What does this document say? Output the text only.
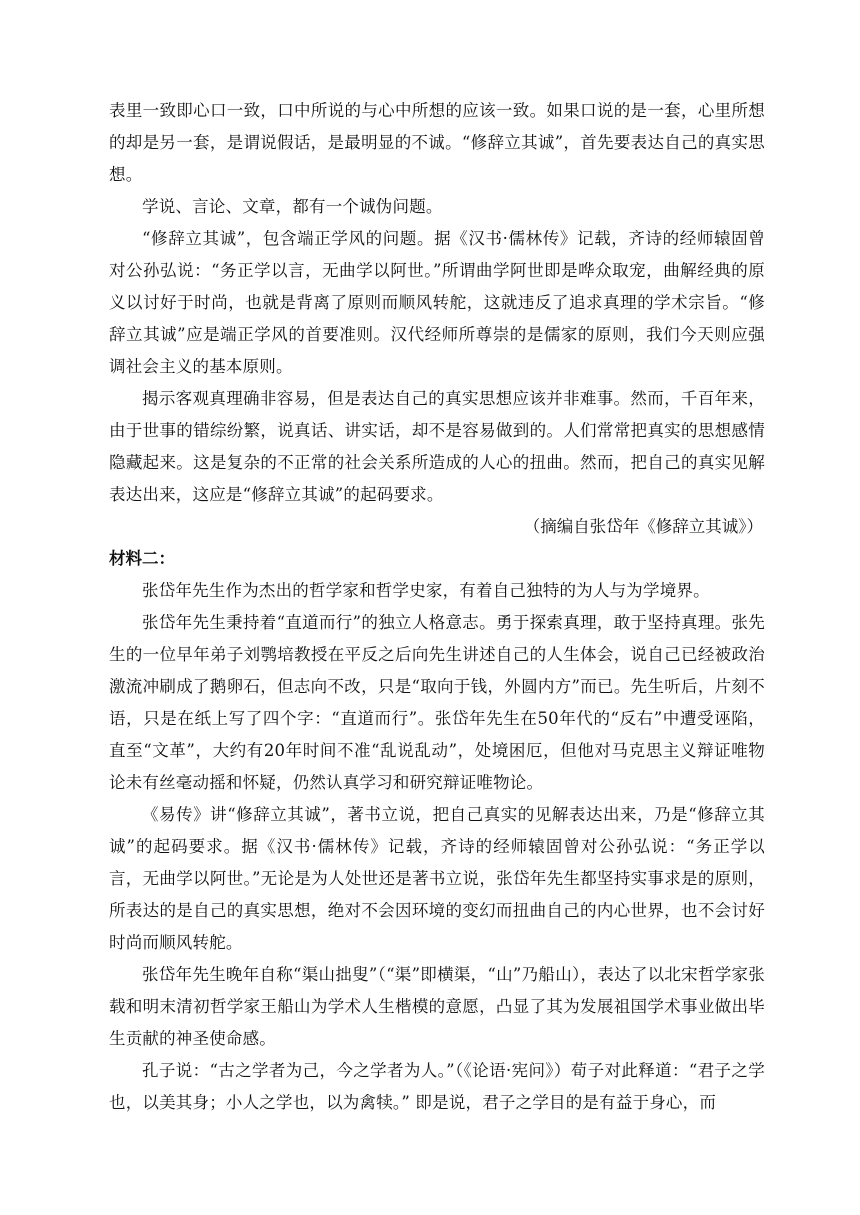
表里一致即心口一致，口中所说的与心中所想的应该一致。如果口说的是一套，心里所想的却是另一套，是谓说假话，是最明显的不诚。“修辞立其诚”，首先要表达自己的真实思想。

学说、言论、文章，都有一个诚伪问题。

“修辞立其诚”，包含端正学风的问题。据《汉书·儒林传》记载，齐诗的经师辕固曾对公孙弘说：“务正学以言，无曲学以阿世。”所谓曲学阿世即是哗众取宠，曲解经典的原义以讨好于时尚，也就是背离了原则而顺风转舵，这就违反了追求真理的学术宗旨。“修辞立其诚”应是端正学风的首要准则。汉代经师所尊崇的是儒家的原则，我们今天则应强调社会主义的基本原则。

揭示客观真理确非容易，但是表达自己的真实思想应该并非难事。然而，千百年来，由于世事的错综纷繁，说真话、讲实话，却不是容易做到的。人们常常把真实的思想感情隐藏起来。这是复杂的不正常的社会关系所造成的人心的扭曲。然而，把自己的真实见解表达出来，这应是“修辞立其诚”的起码要求。

（摘编自张岱年《修辞立其诚》）

材料二：

张岱年先生作为杰出的哲学家和哲学史家，有着自己独特的为人与为学境界。

张岱年先生秉持着“直道而行”的独立人格意志。勇于探索真理，敢于坚持真理。张先生的一位早年弟子刘鹗培教授在平反之后向先生讲述自己的人生体会，说自己已经被政治激流冲刷成了鹅卵石，但志向不改，只是“取向于钱，外圆内方”而已。先生听后，片刻不语，只是在纸上写了四个字：“直道而行”。张岱年先生在50年代的“反右”中遭受诬陷，直至“文革”，大约有20年时间不准“乱说乱动”，处境困厄，但他对马克思主义辩证唯物论未有丝毫动摇和怀疑，仍然认真学习和研究辩证唯物论。

《易传》讲“修辞立其诚”，著书立说，把自己真实的见解表达出来，乃是“修辞立其诚”的起码要求。据《汉书·儒林传》记载，齐诗的经师辕固曾对公孙弘说：“务正学以言，无曲学以阿世。”无论是为人处世还是著书立说，张岱年先生都坚持实事求是的原则，所表达的是自己的真实思想，绝对不会因环境的变幻而扭曲自己的内心世界，也不会讨好时尚而顺风转舵。

张岱年先生晚年自称“渠山拙叟”（“渠”即横渠，“山”乃船山），表达了以北宋哲学家张载和明末清初哲学家王船山为学术人生楷模的意愿，凸显了其为发展祖国学术事业做出毕生贡献的神圣使命感。

孔子说：“古之学者为己，今之学者为人。”（《论语·宪问》）荀子对此释道：“君子之学也，以美其身；小人之学也，以为禽犊。” 即是说，君子之学目的是有益于身心，而
